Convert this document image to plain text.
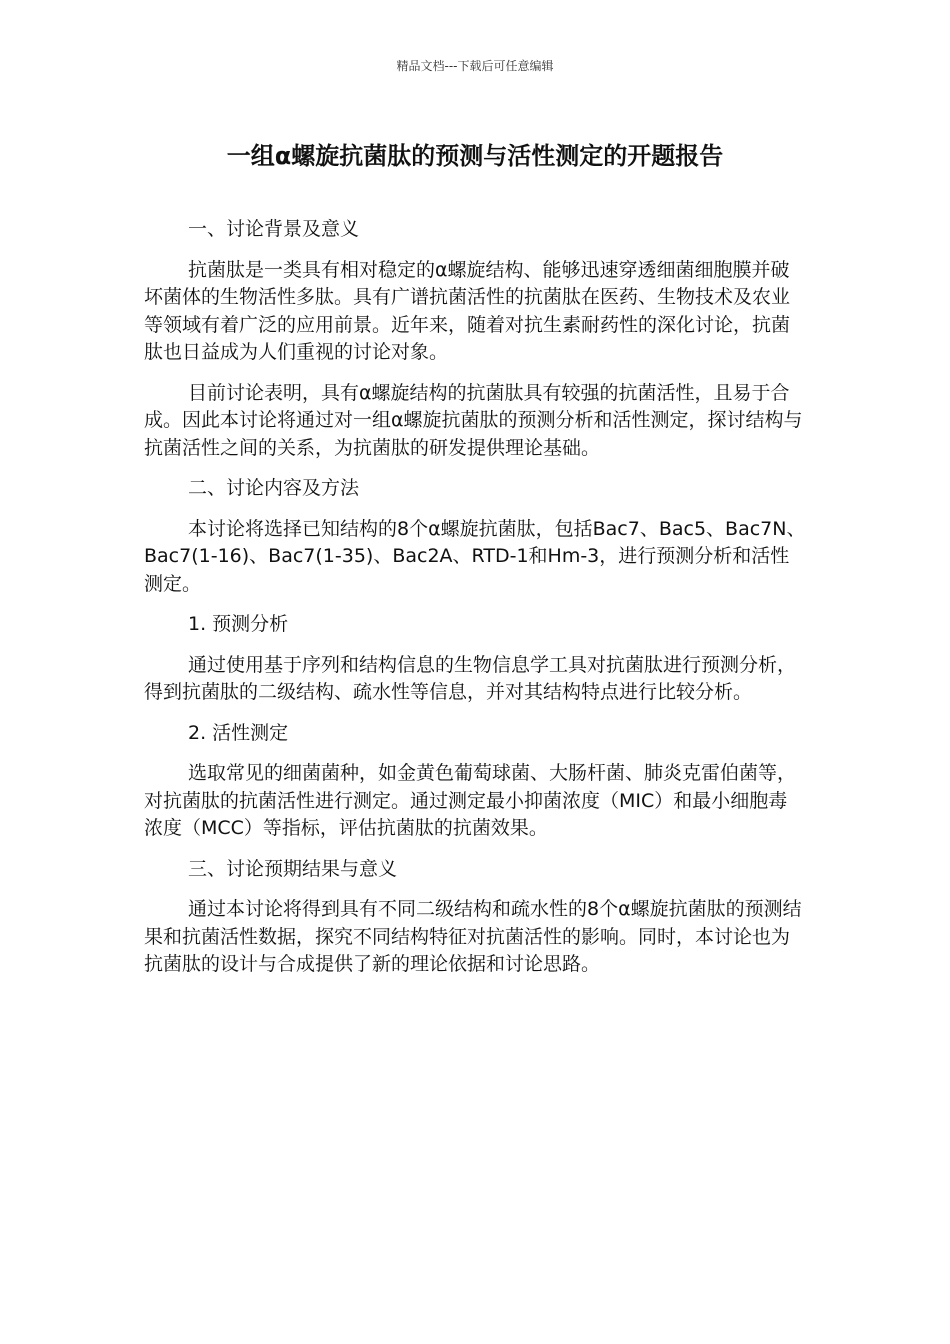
精品文档---下载后可任意编辑
一组α螺旋抗菌肽的预测与活性测定的开题报告

一、讨论背景及意义

抗菌肽是一类具有相对稳定的α螺旋结构、能够迅速穿透细菌细胞膜并破坏菌体的生物活性多肽。具有广谱抗菌活性的抗菌肽在医药、生物技术及农业等领域有着广泛的应用前景。近年来，随着对抗生素耐药性的深化讨论，抗菌肽也日益成为人们重视的讨论对象。

目前讨论表明，具有α螺旋结构的抗菌肽具有较强的抗菌活性，且易于合成。因此本讨论将通过对一组α螺旋抗菌肽的预测分析和活性测定，探讨结构与抗菌活性之间的关系，为抗菌肽的研发提供理论基础。

二、讨论内容及方法

本讨论将选择已知结构的8个α螺旋抗菌肽，包括Bac7、Bac5、Bac7N、Bac7(1-16)、Bac7(1-35)、Bac2A、RTD-1和Hm-3，进行预测分析和活性测定。

1. 预测分析

通过使用基于序列和结构信息的生物信息学工具对抗菌肽进行预测分析，得到抗菌肽的二级结构、疏水性等信息，并对其结构特点进行比较分析。

2. 活性测定

选取常见的细菌菌种，如金黄色葡萄球菌、大肠杆菌、肺炎克雷伯菌等，对抗菌肽的抗菌活性进行测定。通过测定最小抑菌浓度（MIC）和最小细胞毒浓度（MCC）等指标，评估抗菌肽的抗菌效果。

三、讨论预期结果与意义

通过本讨论将得到具有不同二级结构和疏水性的8个α螺旋抗菌肽的预测结果和抗菌活性数据，探究不同结构特征对抗菌活性的影响。同时，本讨论也为抗菌肽的设计与合成提供了新的理论依据和讨论思路。
